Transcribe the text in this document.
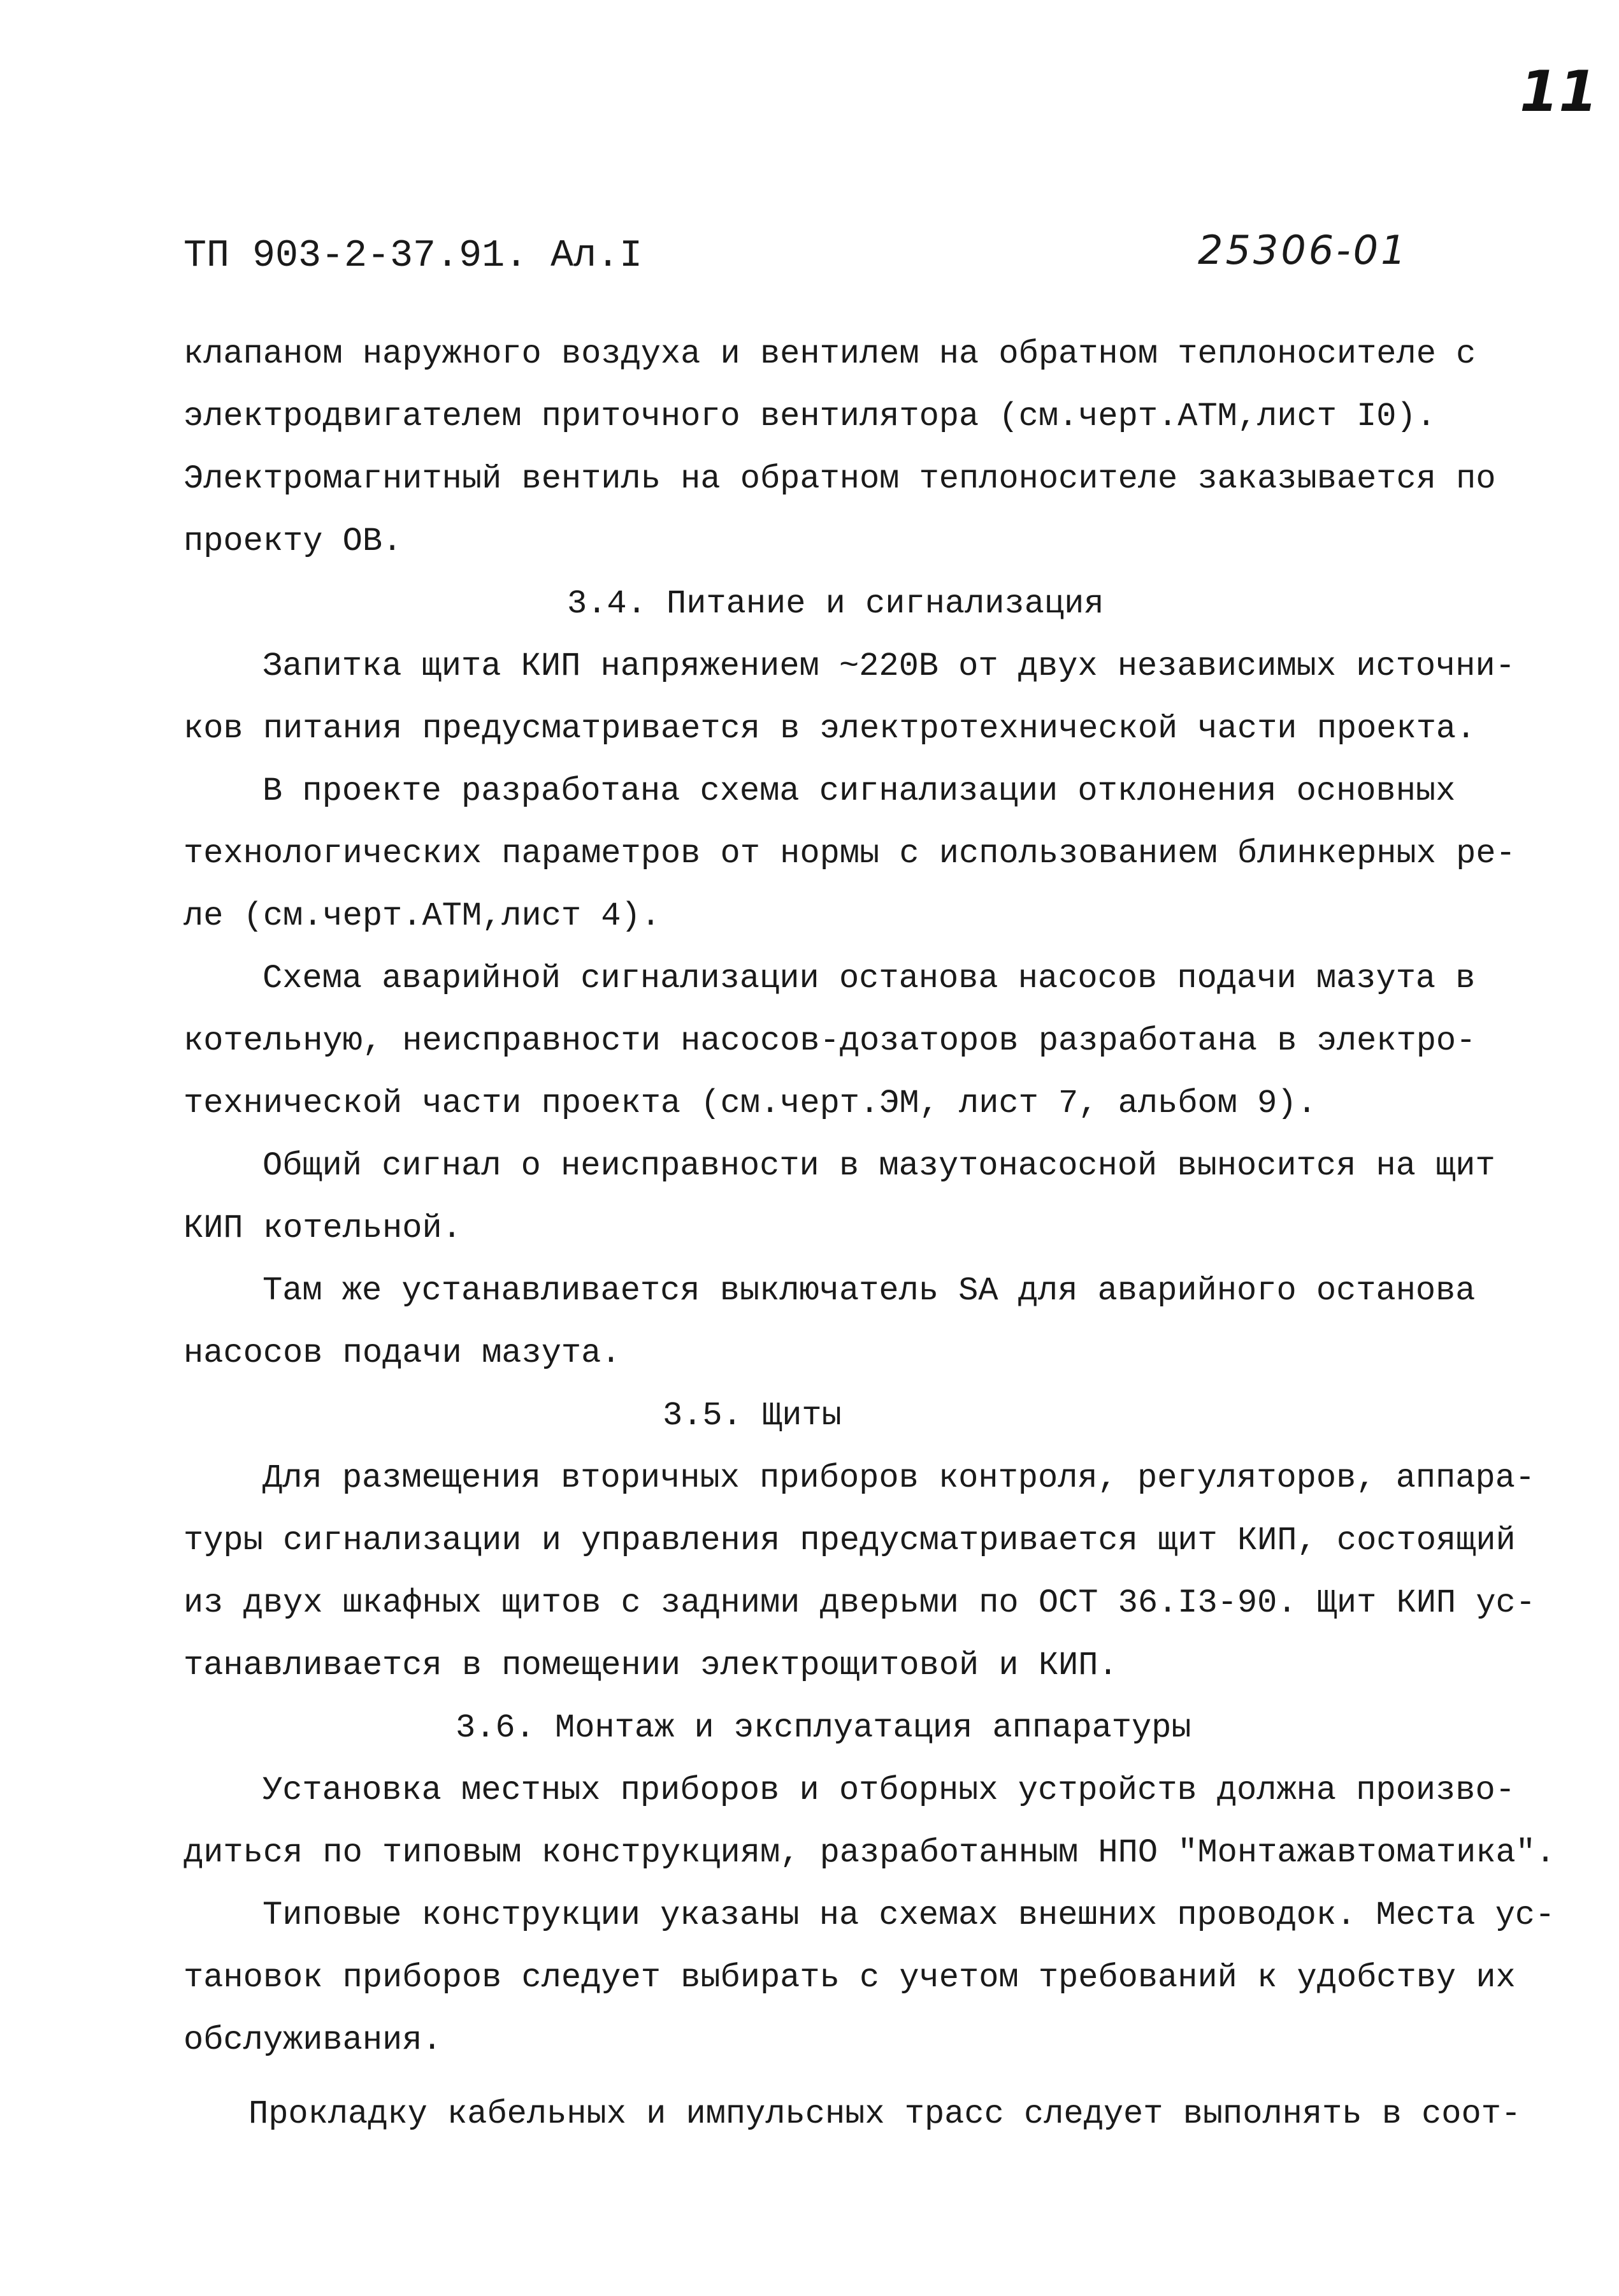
11
ТП 903-2-37.91. Ал.I	25306-01
клапаном наружного воздуха и вентилем на обратном теплоносителе с
электродвигателем приточного вентилятора (см.черт.АТМ,лист I0).
Электромагнитный вентиль на обратном теплоносителе заказывается по
проекту ОВ.
3.4. Питание и сигнализация
Запитка щита КИП напряжением ~220В от двух независимых источни-
ков питания предусматривается в электротехнической части проекта.
В проекте разработана схема сигнализации отклонения основных
технологических параметров от нормы с использованием блинкерных ре-
ле (см.черт.АТМ,лист 4).
Схема аварийной сигнализации останова насосов подачи мазута в
котельную, неисправности насосов-дозаторов разработана в электро-
технической части проекта (см.черт.ЭМ, лист 7, альбом 9).
Общий сигнал о неисправности в мазутонасосной выносится на щит
КИП котельной.
Там же устанавливается выключатель SA для аварийного останова
насосов подачи мазута.
3.5. Щиты
Для размещения вторичных приборов контроля, регуляторов, аппара-
туры сигнализации и управления предусматривается щит КИП, состоящий
из двух шкафных щитов с задними дверьми по ОСТ 36.I3-90. Щит КИП ус-
танавливается в помещении электрощитовой и КИП.
3.6. Монтаж и эксплуатация аппаратуры
Установка местных приборов и отборных устройств должна произво-
диться по типовым конструкциям, разработанным НПО "Монтажавтоматика".
Типовые конструкции указаны на схемах внешних проводок. Места ус-
тановок приборов следует выбирать с учетом требований к удобству их
обслуживания.
Прокладку кабельных и импульсных трасс следует выполнять в соот-
